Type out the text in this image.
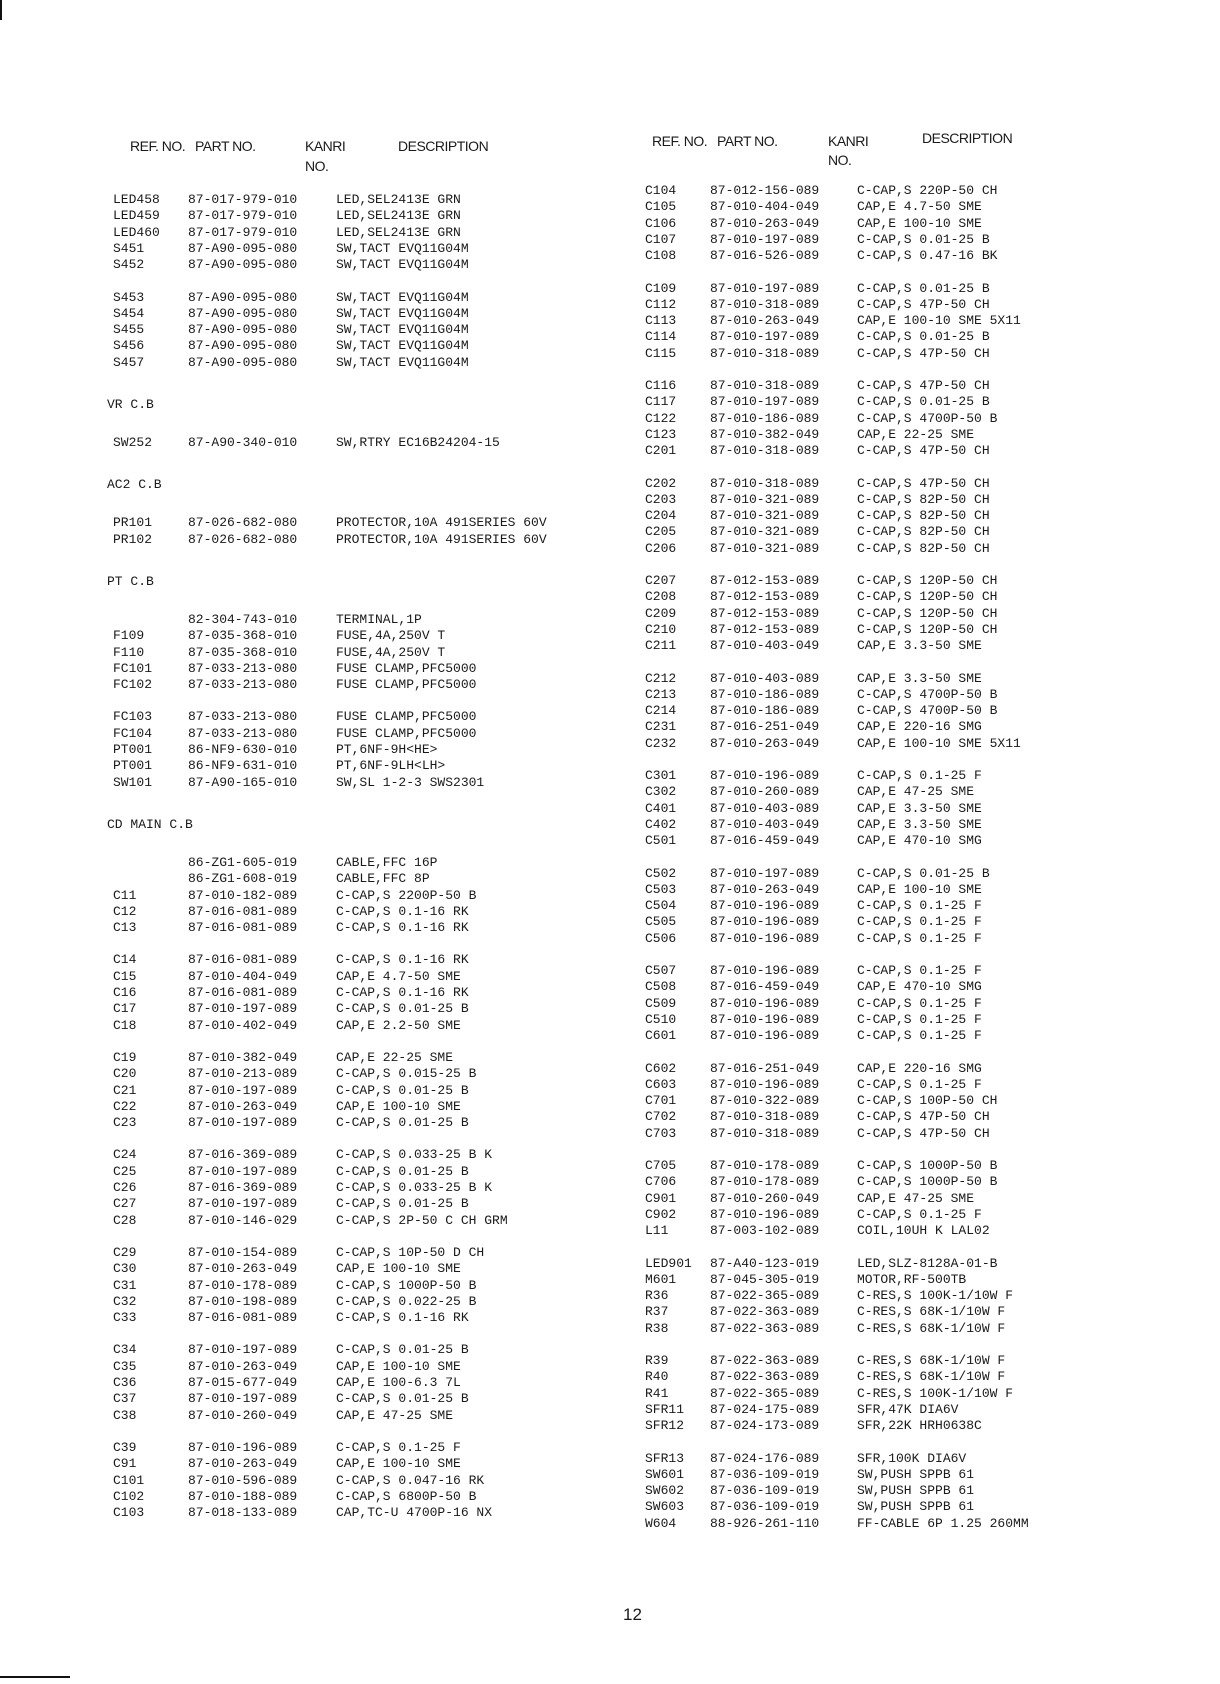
REF. NO. PART NO.	KANRI
NO.
DESCRIPTION
LED458 87-017-979-010	LED,SEL2413E GRN
LED459 87-017-979-010	LED,SEL2413E GRN
LED460 87-017-979-010	LED,SEL2413E GRN
S451	87-A90-095-080	SW,TACT EVQ11G04M
S452	87-A90-095-080	SW,TACT EVQ11G04M
S453	87-A90-095-080	SW,TACT EVQ11G04M
S454	87-A90-095-080	SW,TACT EVQ11G04M
S455	87-A90-095-080	SW,TACT EVQ11G04M
S456	87-A90-095-080	SW,TACT EVQ11G04M
S457	87-A90-095-080	SW,TACT EVQ11G04M
VR C.B
SW252	87-A90-340-010	SW,RTRY EC16B24204-15
AC2 C.B
PR101	87-026-682-080	PROTECTOR,10A 491SERIES 60V
PR102	87-026-682-080	PROTECTOR,10A 491SERIES 60V
PT C.B
82-304-743-010	TERMINAL,1P
F109	87-035-368-010	FUSE,4A,250V T
F110	87-035-368-010	FUSE,4A,250V T
FC101	87-033-213-080	FUSE CLAMP,PFC5000
FC102	87-033-213-080	FUSE CLAMP,PFC5000
FC103	87-033-213-080	FUSE CLAMP,PFC5000
FC104	87-033-213-080	FUSE CLAMP,PFC5000
PT001	86-NF9-630-010	PT,6NF-9H<HE>
PT001	86-NF9-631-010	PT,6NF-9LH<LH>
SW101	87-A90-165-010	SW,SL 1-2-3 SWS2301
CD MAIN C.B
86-ZG1-605-019	CABLE,FFC 16P
86-ZG1-608-019	CABLE,FFC 8P
C11	87-010-182-089	C-CAP,S 2200P-50 B
C12	87-016-081-089	C-CAP,S 0.1-16 RK
C13	87-016-081-089	C-CAP,S 0.1-16 RK
C14	87-016-081-089	C-CAP,S 0.1-16 RK
C15	87-010-404-049	CAP,E 4.7-50 SME
C16	87-016-081-089	C-CAP,S 0.1-16 RK
C17	87-010-197-089	C-CAP,S 0.01-25 B
C18	87-010-402-049	CAP,E 2.2-50 SME
C19	87-010-382-049	CAP,E 22-25 SME
C20	87-010-213-089	C-CAP,S 0.015-25 B
C21	87-010-197-089	C-CAP,S 0.01-25 B
C22	87-010-263-049	CAP,E 100-10 SME
C23	87-010-197-089	C-CAP,S 0.01-25 B
C24	87-016-369-089	C-CAP,S 0.033-25 B K
C25	87-010-197-089	C-CAP,S 0.01-25 B
C26	87-016-369-089	C-CAP,S 0.033-25 B K
C27	87-010-197-089	C-CAP,S 0.01-25 B
C28	87-010-146-029	C-CAP,S 2P-50 C CH GRM
C29	87-010-154-089	C-CAP,S 10P-50 D CH
C30	87-010-263-049	CAP,E 100-10 SME
C31	87-010-178-089	C-CAP,S 1000P-50 B
C32	87-010-198-089	C-CAP,S 0.022-25 B
C33	87-016-081-089	C-CAP,S 0.1-16 RK
C34	87-010-197-089	C-CAP,S 0.01-25 B
C35	87-010-263-049	CAP,E 100-10 SME
C36	87-015-677-049	CAP,E 100-6.3 7L
C37	87-010-197-089	C-CAP,S 0.01-25 B
C38	87-010-260-049	CAP,E 47-25 SME
C39	87-010-196-089	C-CAP,S 0.1-25 F
C91	87-010-263-049	CAP,E 100-10 SME
C101	87-010-596-089	C-CAP,S 0.047-16 RK
C102	87-010-188-089	C-CAP,S 6800P-50 B
C103	87-018-133-089	CAP,TC-U 4700P-16 NX
REF. NO. PART NO.	KANRI
NO.
DESCRIPTION
C104	87-012-156-089	C-CAP,S 220P-50 CH
C105	87-010-404-049	CAP,E 4.7-50 SME
C106	87-010-263-049	CAP,E 100-10 SME
C107	87-010-197-089	C-CAP,S 0.01-25 B
C108	87-016-526-089	C-CAP,S 0.47-16 BK
C109	87-010-197-089	C-CAP,S 0.01-25 B
C112	87-010-318-089	C-CAP,S 47P-50 CH
C113	87-010-263-049	CAP,E 100-10 SME 5X11
C114	87-010-197-089	C-CAP,S 0.01-25 B
C115	87-010-318-089	C-CAP,S 47P-50 CH
C116	87-010-318-089	C-CAP,S 47P-50 CH
C117	87-010-197-089	C-CAP,S 0.01-25 B
C122	87-010-186-089	C-CAP,S 4700P-50 B
C123	87-010-382-049	CAP,E 22-25 SME
C201	87-010-318-089	C-CAP,S 47P-50 CH
C202	87-010-318-089	C-CAP,S 47P-50 CH
C203	87-010-321-089	C-CAP,S 82P-50 CH
C204	87-010-321-089	C-CAP,S 82P-50 CH
C205	87-010-321-089	C-CAP,S 82P-50 CH
C206	87-010-321-089	C-CAP,S 82P-50 CH
C207	87-012-153-089	C-CAP,S 120P-50 CH
C208	87-012-153-089	C-CAP,S 120P-50 CH
C209	87-012-153-089	C-CAP,S 120P-50 CH
C210	87-012-153-089	C-CAP,S 120P-50 CH
C211	87-010-403-049	CAP,E 3.3-50 SME
C212	87-010-403-089	CAP,E 3.3-50 SME
C213	87-010-186-089	C-CAP,S 4700P-50 B
C214	87-010-186-089	C-CAP,S 4700P-50 B
C231	87-016-251-049	CAP,E 220-16 SMG
C232	87-010-263-049	CAP,E 100-10 SME 5X11
C301	87-010-196-089	C-CAP,S 0.1-25 F
C302	87-010-260-089	CAP,E 47-25 SME
C401	87-010-403-089	CAP,E 3.3-50 SME
C402	87-010-403-049	CAP,E 3.3-50 SME
C501	87-016-459-049	CAP,E 470-10 SMG
C502	87-010-197-089	C-CAP,S 0.01-25 B
C503	87-010-263-049	CAP,E 100-10 SME
C504	87-010-196-089	C-CAP,S 0.1-25 F
C505	87-010-196-089	C-CAP,S 0.1-25 F
C506	87-010-196-089	C-CAP,S 0.1-25 F
C507	87-010-196-089	C-CAP,S 0.1-25 F
C508	87-016-459-049	CAP,E 470-10 SMG
C509	87-010-196-089	C-CAP,S 0.1-25 F
C510	87-010-196-089	C-CAP,S 0.1-25 F
C601	87-010-196-089	C-CAP,S 0.1-25 F
C602	87-016-251-049	CAP,E 220-16 SMG
C603	87-010-196-089	C-CAP,S 0.1-25 F
C701	87-010-322-089	C-CAP,S 100P-50 CH
C702	87-010-318-089	C-CAP,S 47P-50 CH
C703	87-010-318-089	C-CAP,S 47P-50 CH
C705	87-010-178-089	C-CAP,S 1000P-50 B
C706	87-010-178-089	C-CAP,S 1000P-50 B
C901	87-010-260-049	CAP,E 47-25 SME
C902	87-010-196-089	C-CAP,S 0.1-25 F
L11	87-003-102-089	COIL,10UH K LAL02
LED901 87-A40-123-019	LED,SLZ-8128A-01-B
M601	87-045-305-019	MOTOR,RF-500TB
R36	87-022-365-089	C-RES,S 100K-1/10W F
R37	87-022-363-089	C-RES,S 68K-1/10W F
R38	87-022-363-089	C-RES,S 68K-1/10W F
R39	87-022-363-089	C-RES,S 68K-1/10W F
R40	87-022-363-089	C-RES,S 68K-1/10W F
R41	87-022-365-089	C-RES,S 100K-1/10W F
SFR11 87-024-175-089	SFR,47K DIA6V
SFR12 87-024-173-089	SFR,22K HRH0638C
SFR13 87-024-176-089	SFR,100K DIA6V
SW601 87-036-109-019	SW,PUSH SPPB 61
SW602 87-036-109-019	SW,PUSH SPPB 61
SW603 87-036-109-019	SW,PUSH SPPB 61
W604	88-926-261-110	FF-CABLE 6P 1.25 260MM
12
